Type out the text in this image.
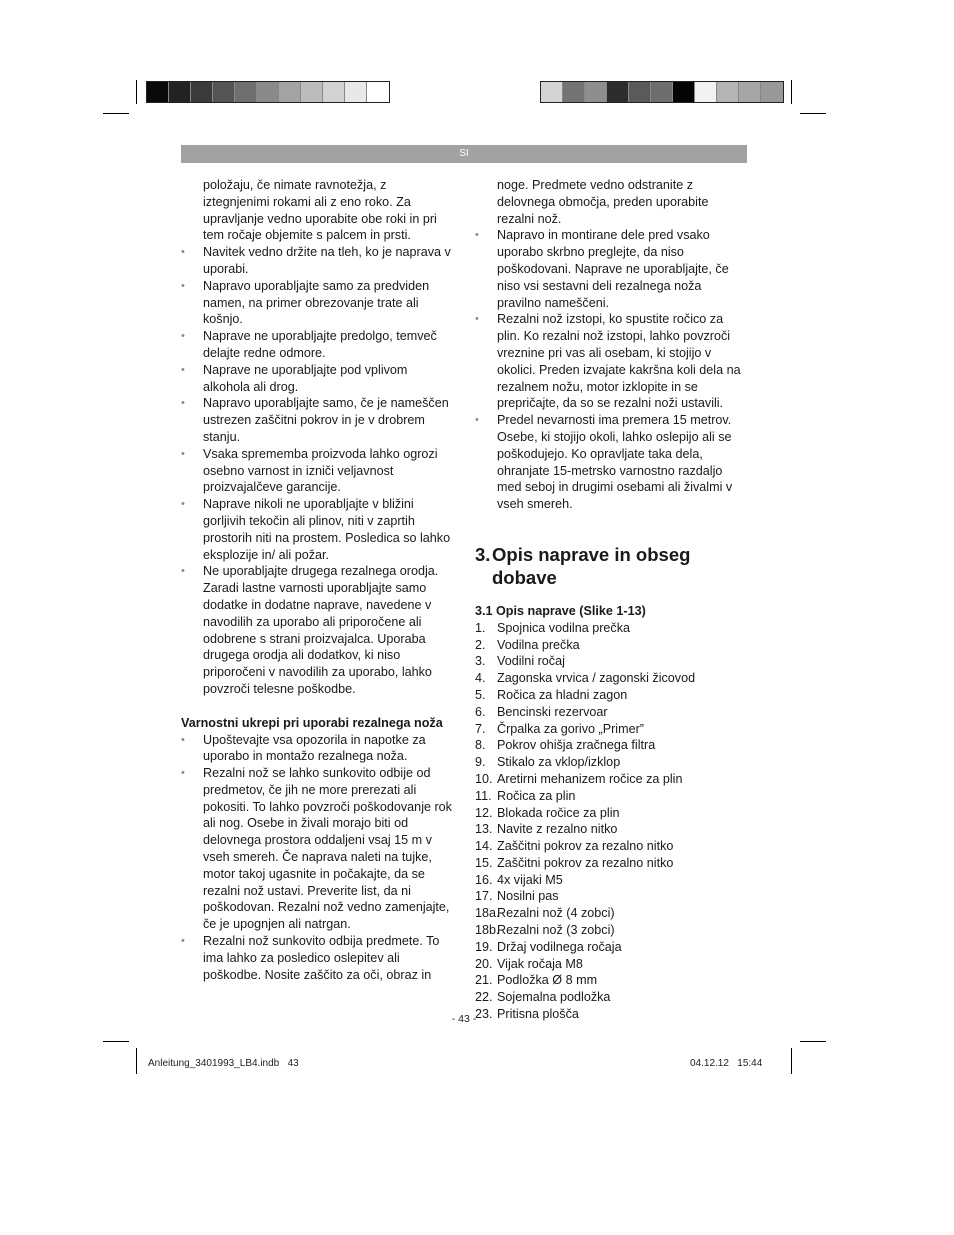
SI

položaju, če nimate ravnotežja, z iztegnjenimi rokami ali z eno roko. Za upravljanje vedno uporabite obe roki in pri tem ročaje objemite s palcem in prsti.

• Navitek vedno držite na tleh, ko je naprava v uporabi.
• Napravo uporabljajte samo za predviden namen, na primer obrezovanje trate ali košnjo.
• Naprave ne uporabljajte predolgo, temveč delajte redne odmore.
• Naprave ne uporabljajte pod vplivom alkohola ali drog.
• Napravo uporabljajte samo, če je nameščen ustrezen zaščitni pokrov in je v drobrem stanju.
• Vsaka sprememba proizvoda lahko ogrozi osebno varnost in izniči veljavnost proizvajalčeve garancije.
• Naprave nikoli ne uporabljajte v bližini gorljivih tekočin ali plinov, niti v zaprtih prostorih niti na prostem. Posledica so lahko eksplozije in/ ali požar.
• Ne uporabljajte drugega rezalnega orodja. Zaradi lastne varnosti uporabljajte samo dodatke in dodatne naprave, navedene v navodilih za uporabo ali priporočene ali odobrene s strani proizvajalca. Uporaba drugega orodja ali dodatkov, ki niso priporočeni v navodilih za uporabo, lahko povzroči telesne poškodbe.

Varnostni ukrepi pri uporabi rezalnega noža

• Upoštevajte vsa opozorila in napotke za uporabo in montažo rezalnega noža.
• Rezalni nož se lahko sunkovito odbije od predmetov, če jih ne more prerezati ali pokositi. To lahko povzroči poškodovanje rok ali nog. Osebe in živali morajo biti od delovnega prostora oddaljeni vsaj 15 m v vseh smereh. Če naprava naleti na tujke, motor takoj ugasnite in počakajte, da se rezalni nož ustavi. Preverite list, da ni poškodovan. Rezalni nož vedno zamenjajte, če je upognjen ali natrgan.
• Rezalni nož sunkovito odbija predmete. To ima lahko za posledico oslepitev ali poškodbe. Nosite zaščito za oči, obraz in

noge. Predmete vedno odstranite z delovnega območja, preden uporabite rezalni nož.

• Napravo in montirane dele pred vsako uporabo skrbno preglejte, da niso poškodovani. Naprave ne uporabljajte, če niso vsi sestavni deli rezalnega noža pravilno nameščeni.
• Rezalni nož izstopi, ko spustite ročico za plin. Ko rezalni nož izstopi, lahko povzroči vreznine pri vas ali osebam, ki stojijo v okolici. Preden izvajate kakršna koli dela na rezalnem nožu, motor izklopite in se prepričajte, da so se rezalni noži ustavili.
• Predel nevarnosti ima premera 15 metrov. Osebe, ki stojijo okoli, lahko oslepijo ali se poškodujejo. Ko opravljate taka dela, ohranjate 15-metrsko varnostno razdaljo med seboj in drugimi osebami ali živalmi v vseh smereh.
3. Opis naprave in obseg dobave

3.1 Opis naprave (Slike 1-13)

1. Spojnica vodilna prečka
2. Vodilna prečka
3. Vodilni ročaj
4. Zagonska vrvica / zagonski žicovod
5. Ročica za hladni zagon
6. Bencinski rezervoar
7. Črpalka za gorivo „Primer”
8. Pokrov ohišja zračnega filtra
9. Stikalo za vklop/izklop
10. Aretirni mehanizem ročice za plin
11. Ročica za plin
12. Blokada ročice za plin
13. Navite z rezalno nitko
14. Zaščitni pokrov za rezalno nitko
15. Zaščitni pokrov za rezalno nitko
16. 4x vijaki M5
17. Nosilni pas
18a.
Rezalni nož (4 zobci)
18b.
Rezalni nož (3 zobci)
19. Držaj vodilnega ročaja
20. Vijak ročaja M8
21. Podložka Ø 8 mm
22. Sojemalna podložka
23. Pritisna plošča
- 43 -
Anleitung_3401993_LB4.indb   43	04.12.12   15:44
